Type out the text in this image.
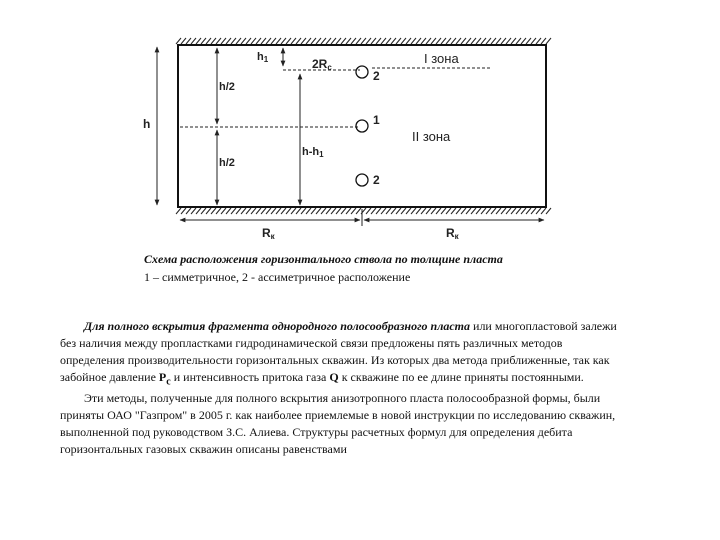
h
h/2
h/2
h1	2Rc
h-h1
2
1
2
I зона
II зона
Rк	Rк
Схема расположения горизонтального ствола по толщине пласта
1 – симметричное, 2 - ассиметричное расположение

Для полного вскрытия фрагмента однородного полосообразного пласта или многопластовой залежи

без наличия между пропластками гидродинамической связи предложены пять различных методов

определения производительности горизонтальных скважин. Из которых два метода приближенные, так как

забойное давление $P_с$ и интенсивность притока газа Q к скважине по ее длине приняты постоянными.

Эти методы, полученные для полного вскрытия анизотропного пласта полосообразной формы, были

приняты ОАО "Газпром" в 2005 г. как наиболее приемлемые в новой инструкции по исследованию скважин,

выполненной под руководством З.С. Алиева. Структуры расчетных формул для определения дебита

горизонтальных газовых скважин описаны равенствами
